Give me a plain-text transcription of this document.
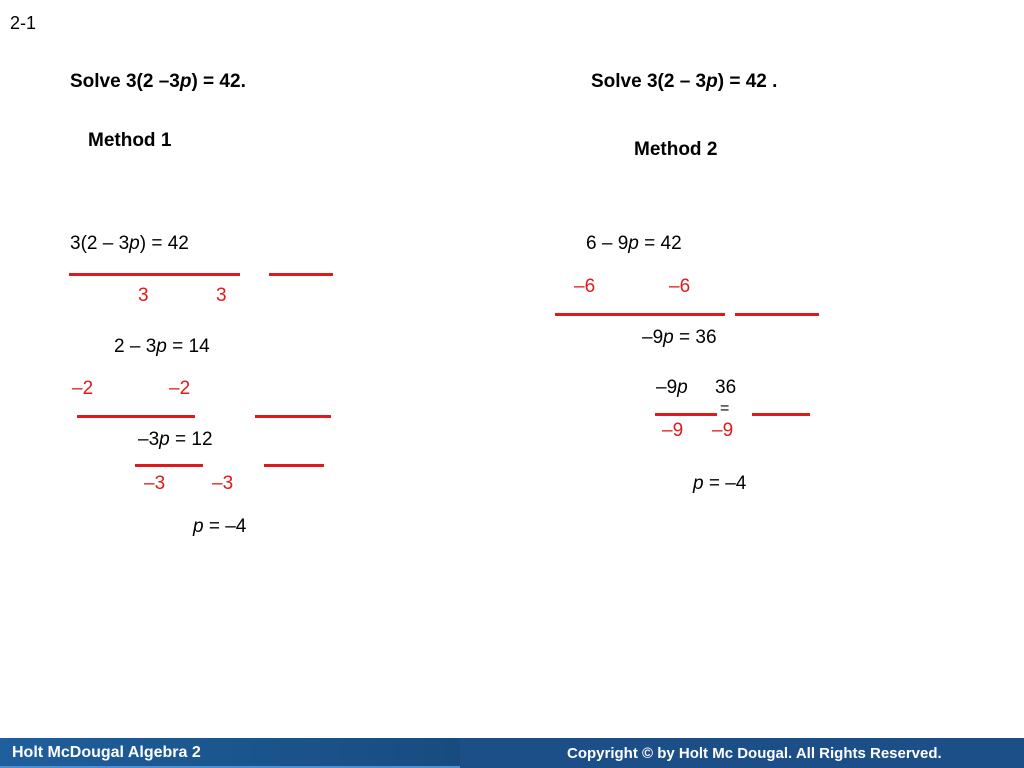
2-1
Solve 3(2 –3p) = 42.
Method 1
3(2 – 3p) = 42
3	3
2 – 3p = 14
–2	–2
–3p = 12
–3 –3
p = –4
Solve 3(2 – 3p) = 42 .
Method 2
6 – 9p = 42
–6	–6
–9p = 36
–9p 36
=
–9 –9
p = –4
Holt McDougal Algebra 2	Copyright © by Holt Mc Dougal. All Rights Reserved.
